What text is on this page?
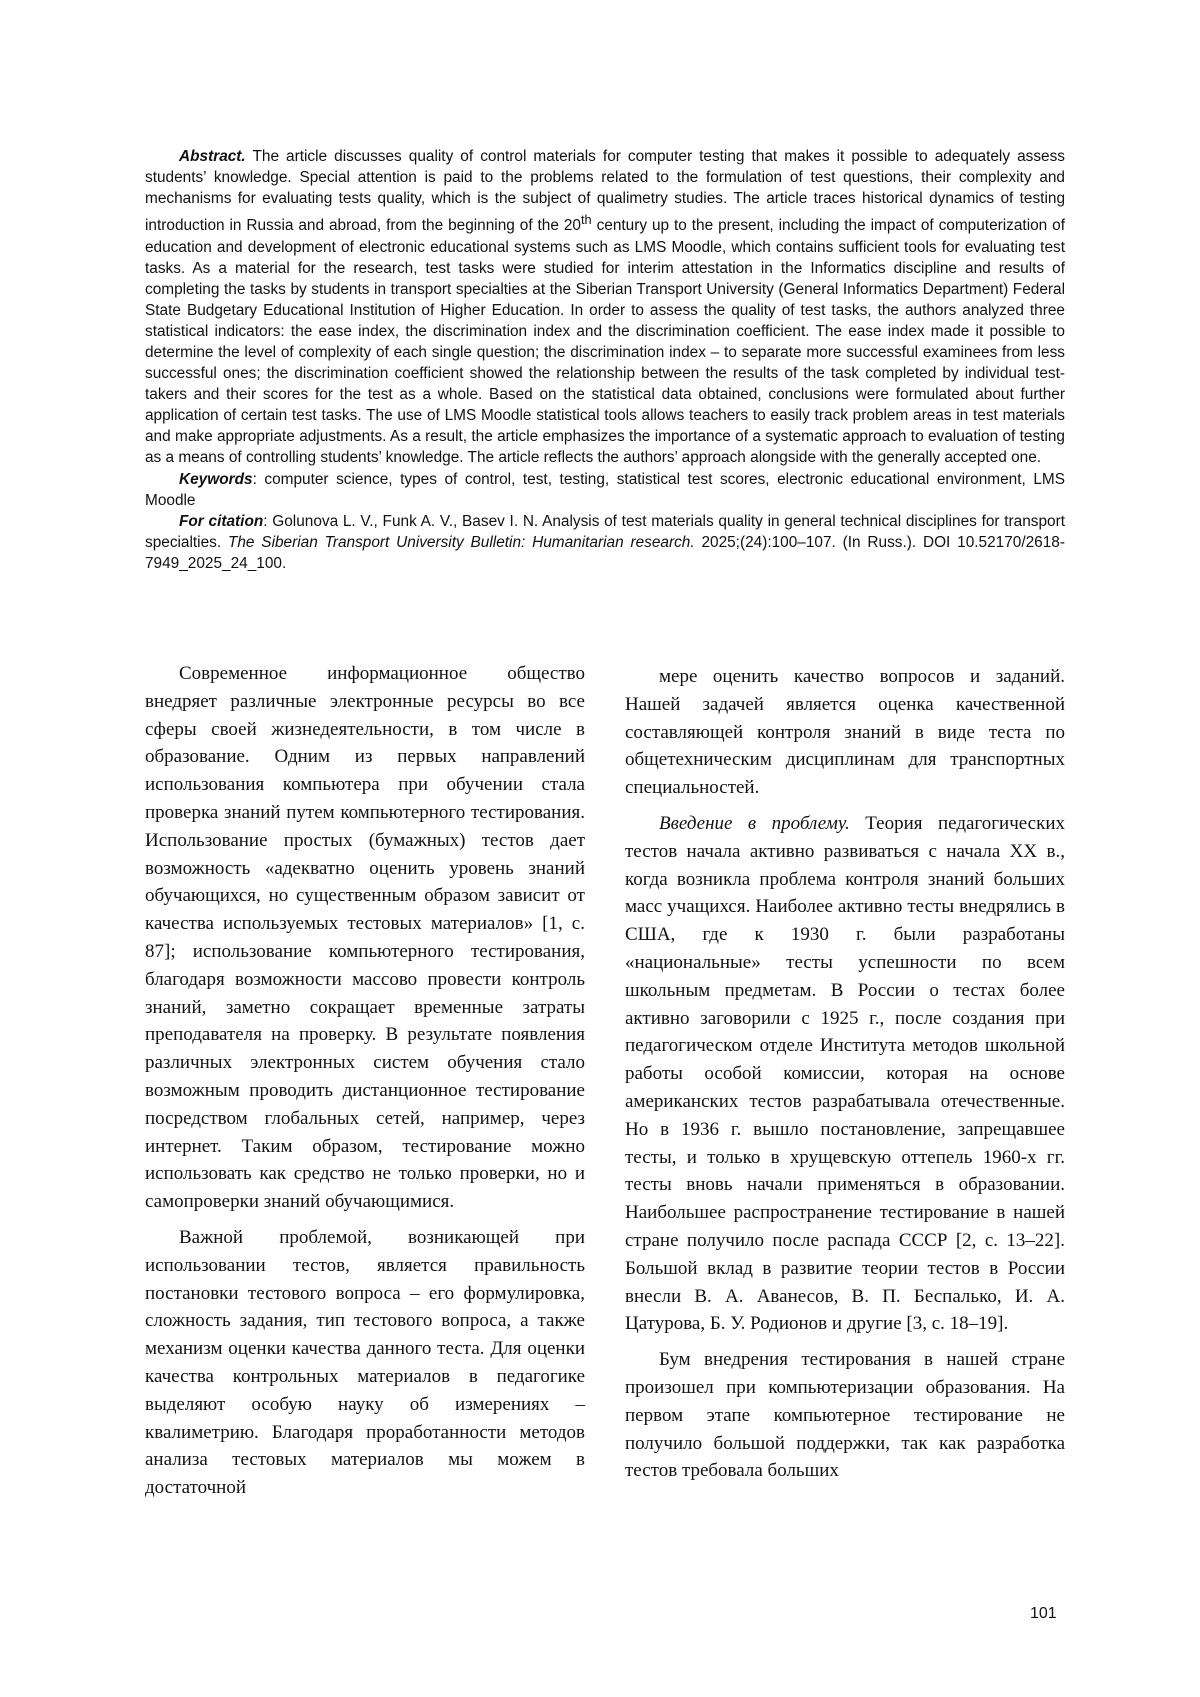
Abstract. The article discusses quality of control materials for computer testing that makes it possible to adequately assess students’ knowledge. Special attention is paid to the problems related to the formulation of test questions, their complexity and mechanisms for evaluating tests quality, which is the subject of qualimetry studies. The article traces historical dynamics of testing introduction in Russia and abroad, from the beginning of the 20th century up to the present, including the impact of computerization of education and development of electronic educational systems such as LMS Moodle, which contains sufficient tools for evaluating test tasks. As a material for the research, test tasks were studied for interim attestation in the Informatics discipline and results of completing the tasks by students in transport specialties at the Siberian Transport University (General Informatics Department) Federal State Budgetary Educational Institution of Higher Education. In order to assess the quality of test tasks, the authors analyzed three statistical indicators: the ease index, the discrimination index and the discrimination coefficient. The ease index made it possible to determine the level of complexity of each single question; the discrimination index – to separate more successful examinees from less successful ones; the discrimination coefficient showed the relationship between the results of the task completed by individual test-takers and their scores for the test as a whole. Based on the statistical data obtained, conclusions were formulated about further application of certain test tasks. The use of LMS Moodle statistical tools allows teachers to easily track problem areas in test materials and make appropriate adjustments. As a result, the article emphasizes the importance of a systematic approach to evaluation of testing as a means of controlling students’ knowledge. The article reflects the authors’ approach alongside with the generally accepted one.

Keywords: computer science, types of control, test, testing, statistical test scores, electronic educational environment, LMS Moodle

For citation: Golunova L. V., Funk A. V., Basev I. N. Analysis of test materials quality in general technical disciplines for transport specialties. The Siberian Transport University Bulletin: Humanitarian research. 2025;(24):100–107. (In Russ.). DOI 10.52170/2618-7949_2025_24_100.

Современное информационное общество внедряет различные электронные ресурсы во все сферы своей жизнедеятельности, в том числе в образование. Одним из первых направлений использования компьютера при обучении стала проверка знаний путем компьютерного тестирования. Использование простых (бумажных) тестов дает возможность «адекватно оценить уровень знаний обучающихся, но существенным образом зависит от качества используемых тестовых материалов» [1, с. 87]; использование компьютерного тестирования, благодаря возможности массово провести контроль знаний, заметно сокращает временные затраты преподавателя на проверку. В результате появления различных электронных систем обучения стало возможным проводить дистанционное тестирование посредством глобальных сетей, например, через интернет. Таким образом, тестирование можно использовать как средство не только проверки, но и самопроверки знаний обучающимися.

Важной проблемой, возникающей при использовании тестов, является правильность постановки тестового вопроса – его формулировка, сложность задания, тип тестового вопроса, а также механизм оценки качества данного теста. Для оценки качества контрольных материалов в педагогике выделяют особую науку об измерениях – квалиметрию. Благодаря проработанности методов анализа тестовых материалов мы можем в достаточной

мере оценить качество вопросов и заданий. Нашей задачей является оценка качественной составляющей контроля знаний в виде теста по общетехническим дисциплинам для транспортных специальностей.

Введение в проблему. Теория педагогических тестов начала активно развиваться с начала XX в., когда возникла проблема контроля знаний больших масс учащихся. Наиболее активно тесты внедрялись в США, где к 1930 г. были разработаны «национальные» тесты успешности по всем школьным предметам. В России о тестах более активно заговорили с 1925 г., после создания при педагогическом отделе Института методов школьной работы особой комиссии, которая на основе американских тестов разрабатывала отечественные. Но в 1936 г. вышло постановление, запрещавшее тесты, и только в хрущевскую оттепель 1960-х гг. тесты вновь начали применяться в образовании. Наибольшее распространение тестирование в нашей стране получило после распада СССР [2, с. 13–22]. Большой вклад в развитие теории тестов в России внесли В. А. Аванесов, В. П. Беспалько, И. А. Цатурова, Б. У. Родионов и другие [3, с. 18–19].

Бум внедрения тестирования в нашей стране произошел при компьютеризации образования. На первом этапе компьютерное тестирование не получило большой поддержки, так как разработка тестов требовала больших

101
